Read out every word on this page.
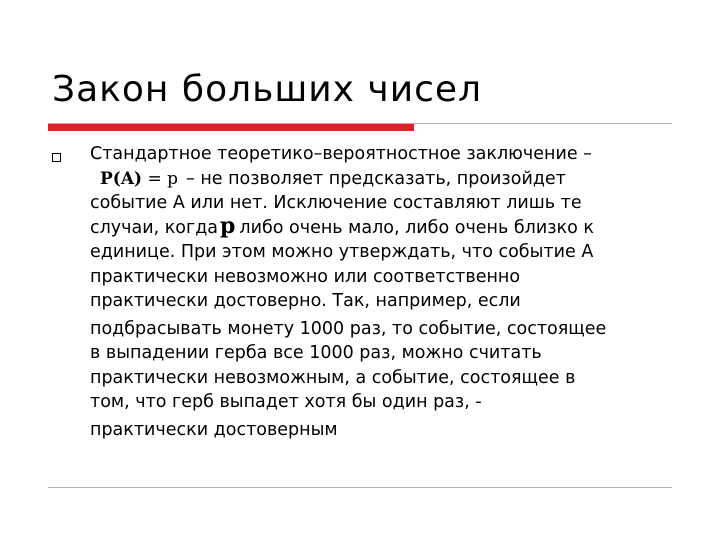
Закон больших чисел
Стандартное теоретико–вероятностное заключение –
P(A) = p – не позволяет предсказать, произойдет
событие А или нет. Исключение составляют лишь те
случаи, когдаp либо очень мало, либо очень близко к
единице. При этом можно утверждать, что событие А
практически невозможно или соответственно
практически достоверно. Так, например, если
подбрасывать монету 1000 раз, то событие, состоящее
в выпадении герба все 1000 раз, можно считать
практически невозможным, а событие, состоящее в
том, что герб выпадет хотя бы один раз, -
практически достоверным
